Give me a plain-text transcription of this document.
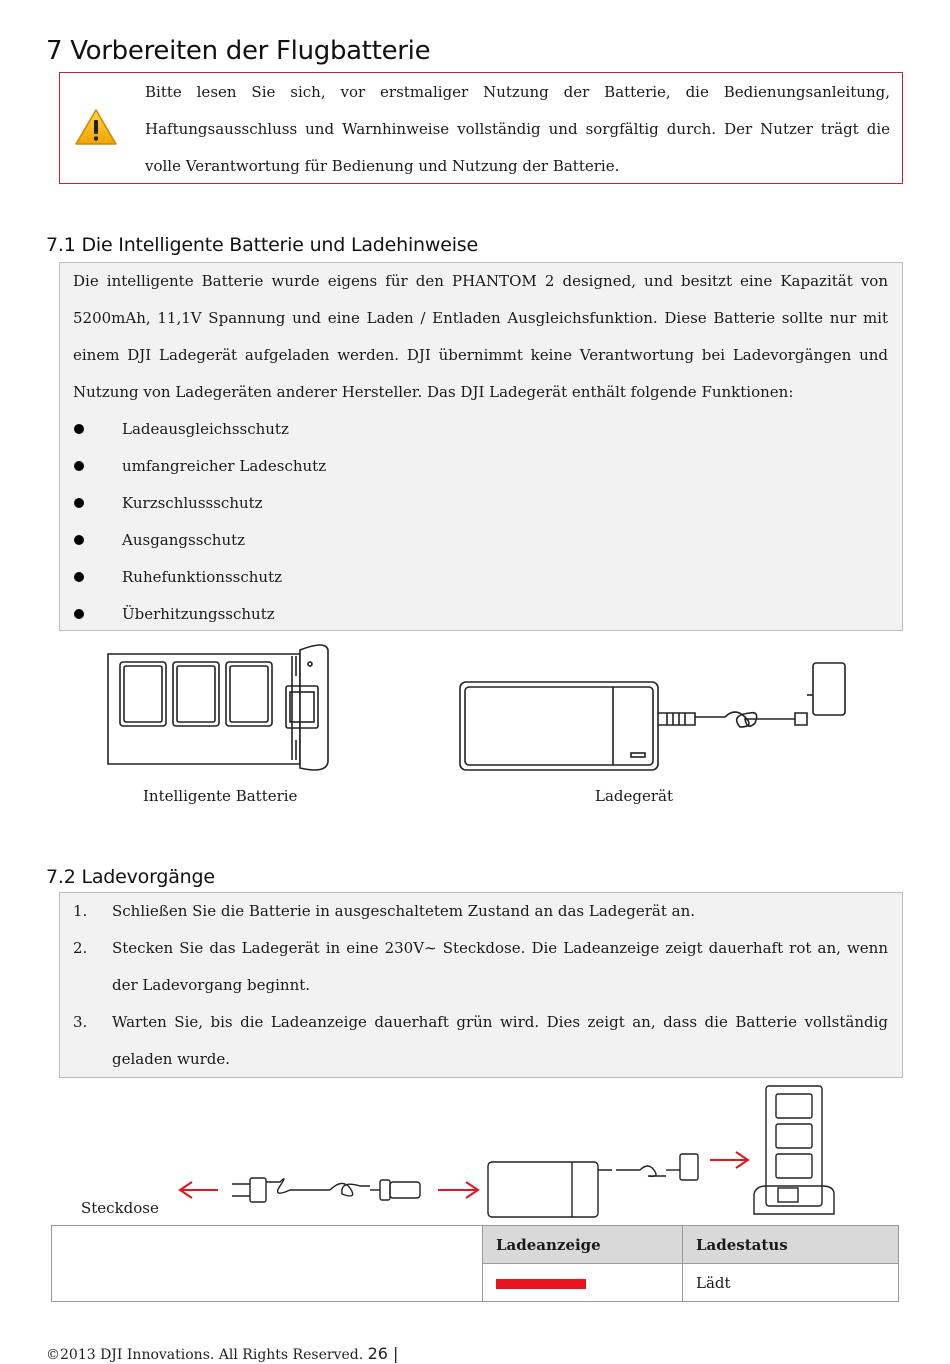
7 Vorbereiten der Flugbatterie
Bitte lesen Sie sich, vor erstmaliger Nutzung der Batterie, die Bedienungsanleitung, Haftungsausschluss und Warnhinweise vollständig und sorgfältig durch. Der Nutzer trägt die volle Verantwortung für Bedienung und Nutzung der Batterie.
7.1 Die Intelligente Batterie und Ladehinweise
Die intelligente Batterie wurde eigens für den PHANTOM 2 designed, und besitzt eine Kapazität von 5200mAh, 11,1V Spannung und eine Laden / Entladen Ausgleichsfunktion. Diese Batterie sollte nur mit einem DJI Ladegerät aufgeladen werden. DJI übernimmt keine Verantwortung bei Ladevorgängen und Nutzung von Ladegeräten anderer Hersteller. Das DJI Ladegerät enthält folgende Funktionen:
Ladeausgleichsschutz
umfangreicher Ladeschutz
Kurzschlussschutz
Ausgangsschutz
Ruhefunktionsschutz
Überhitzungsschutz
Intelligente Batterie	Ladegerät
7.2 Ladevorgänge
1. Schließen Sie die Batterie in ausgeschaltetem Zustand an das Ladegerät an.
2. Stecken Sie das Ladegerät in eine 230V~ Steckdose. Die Ladeanzeige zeigt dauerhaft rot an, wenn der Ladevorgang beginnt.
3. Warten Sie, bis die Ladeanzeige dauerhaft grün wird. Dies zeigt an, dass die Batterie vollständig geladen wurde.
Steckdose
	Ladeanzeige	Ladestatus
		Lädt
©2013 DJI Innovations. All Rights Reserved. 26 |
